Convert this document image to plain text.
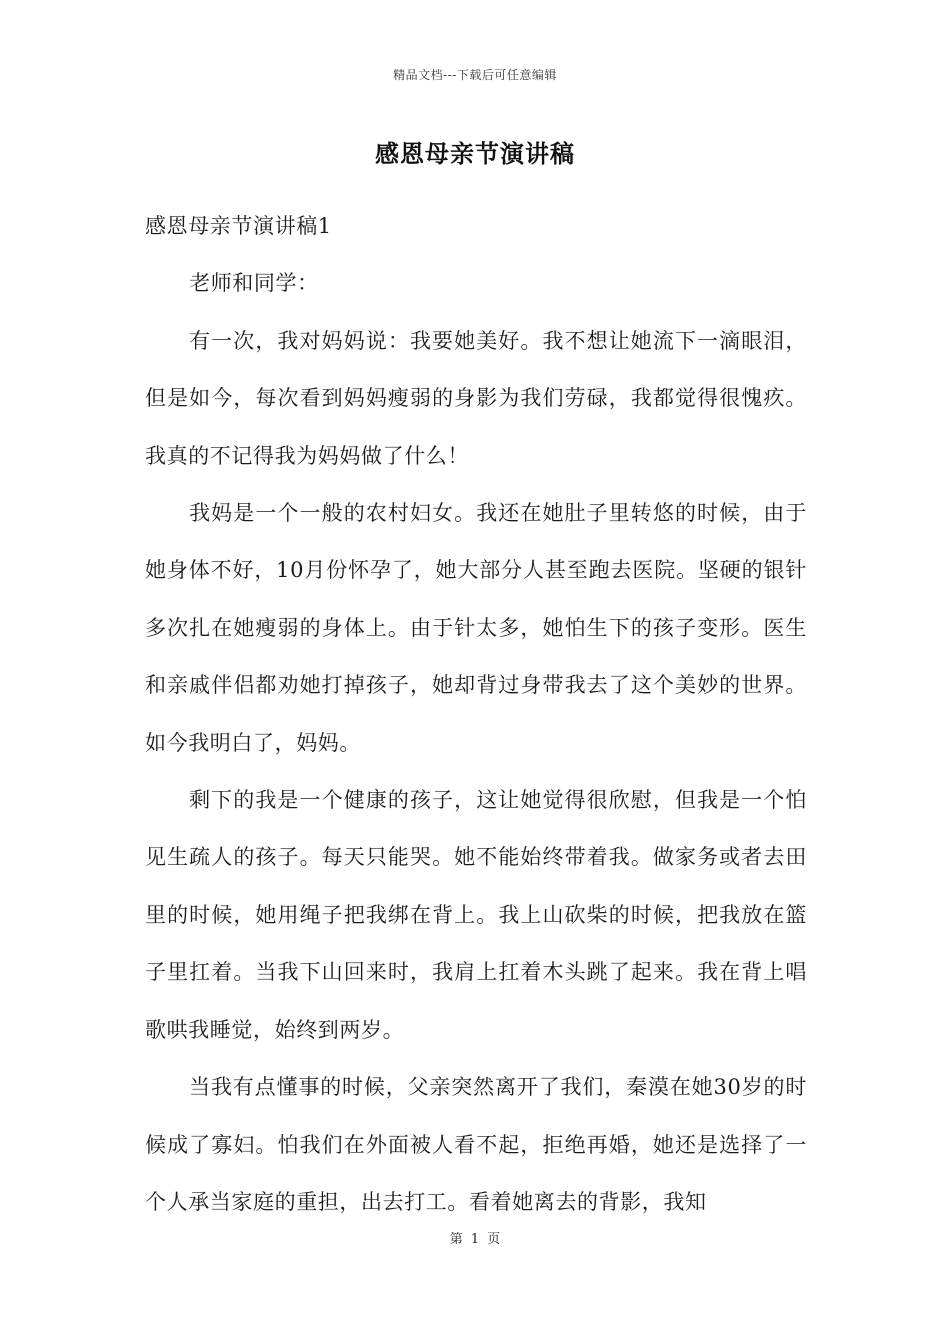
精品文档---下载后可任意编辑
感恩母亲节演讲稿

感恩母亲节演讲稿1

老师和同学：

有一次，我对妈妈说：我要她美好。我不想让她流下一滴眼泪，但是如今，每次看到妈妈瘦弱的身影为我们劳碌，我都觉得很愧疚。我真的不记得我为妈妈做了什么！

我妈是一个一般的农村妇女。我还在她肚子里转悠的时候，由于她身体不好，10月份怀孕了，她大部分人甚至跑去医院。坚硬的银针多次扎在她瘦弱的身体上。由于针太多，她怕生下的孩子变形。医生和亲戚伴侣都劝她打掉孩子，她却背过身带我去了这个美妙的世界。如今我明白了，妈妈。

剩下的我是一个健康的孩子，这让她觉得很欣慰，但我是一个怕见生疏人的孩子。每天只能哭。她不能始终带着我。做家务或者去田里的时候，她用绳子把我绑在背上。我上山砍柴的时候，把我放在篮子里扛着。当我下山回来时，我肩上扛着木头跳了起来。我在背上唱歌哄我睡觉，始终到两岁。

当我有点懂事的时候，父亲突然离开了我们，秦漠在她30岁的时候成了寡妇。怕我们在外面被人看不起，拒绝再婚，她还是选择了一个人承当家庭的重担，出去打工。看着她离去的背影，我知

第 1 页
